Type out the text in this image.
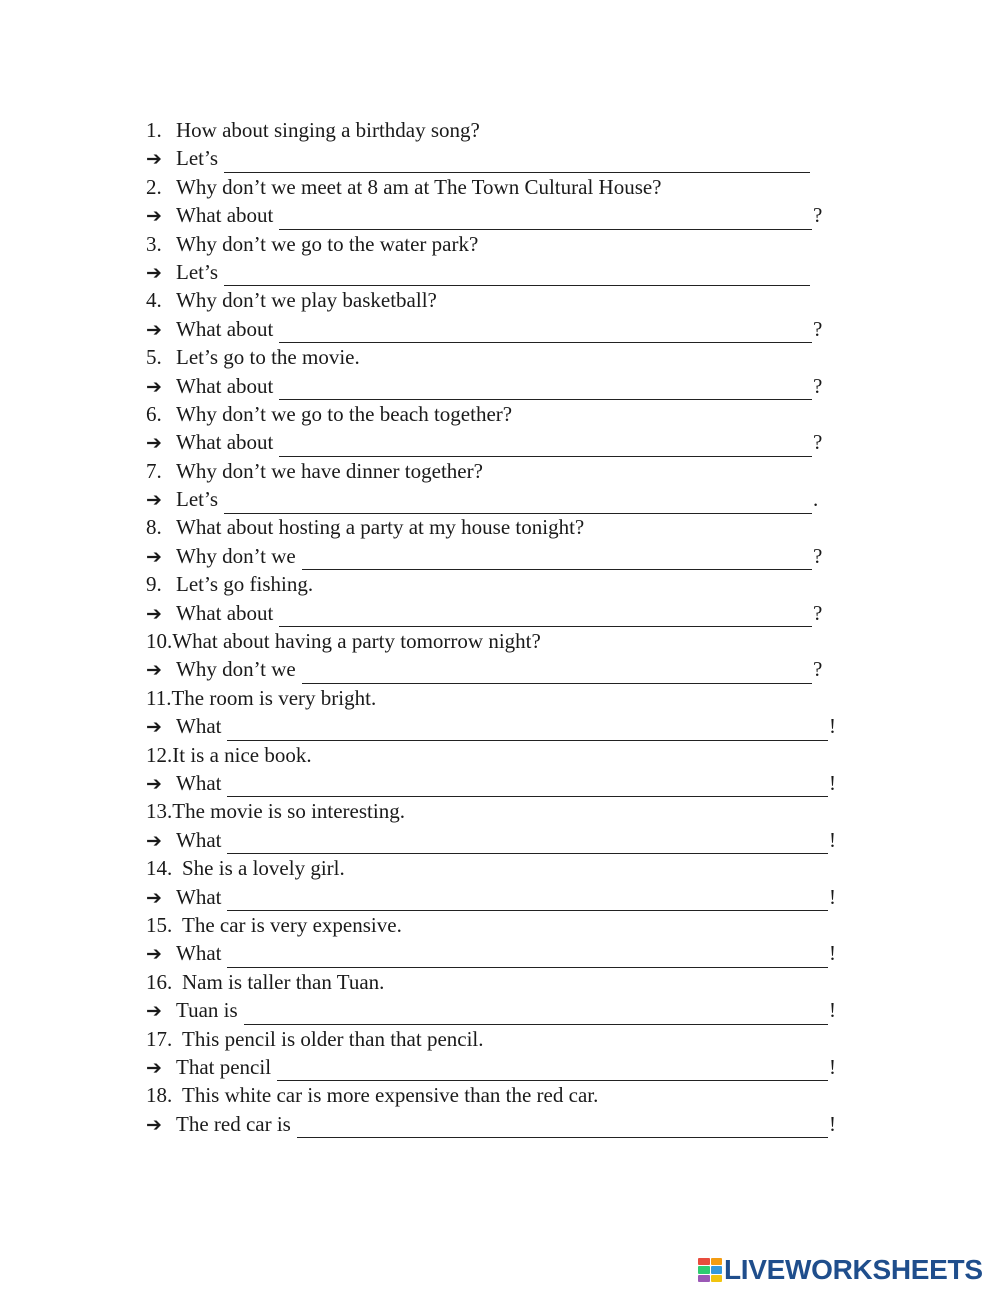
1. How about singing a birthday song?
➔ Let’s
2. Why don’t we meet at 8 am at The Town Cultural House?
➔ What about	?
3. Why don’t we go to the water park?
➔ Let’s
4. Why don’t we play basketball?
➔ What about	?
5. Let’s go to the movie.
➔ What about	?
6. Why don’t we go to the beach together?
➔ What about	?
7. Why don’t we have dinner together?
➔ Let’s	.
8. What about hosting a party at my house tonight?
➔ Why don’t we	?
9. Let’s go fishing.
➔ What about	?
10.What about having a party tomorrow night?
➔ Why don’t we	?
11.The room is very bright.
➔ What	!
12.It is a nice book.
➔ What	!
13.The movie is so interesting.
➔ What	!
14. She is a lovely girl.
➔ What	!
15. The car is very expensive.
➔ What	!
16. Nam is taller than Tuan.
➔ Tuan is	!
17. This pencil is older than that pencil.
➔ That pencil	!
18. This white car is more expensive than the red car.
➔ The red car is	!
LIVEWORKSHEETS
